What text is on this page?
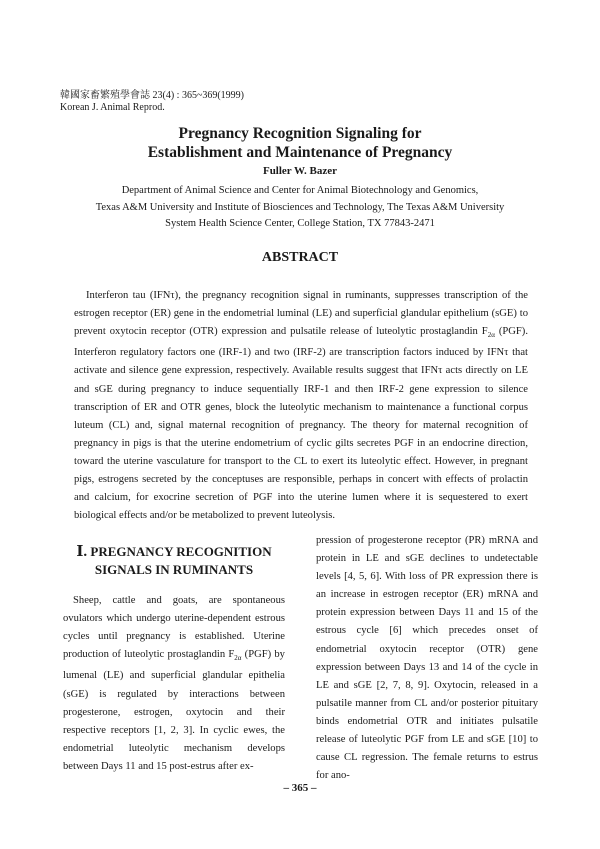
韓國家畜繁殖學會誌 23(4) : 365~369(1999)
Korean J. Animal Reprod.
Pregnancy Recognition Signaling for
Establishment and Maintenance of Pregnancy
Fuller W. Bazer
Department of Animal Science and Center for Animal Biotechnology and Genomics,
Texas A&M University and Institute of Biosciences and Technology, The Texas A&M University
System Health Science Center, College Station, TX 77843-2471
ABSTRACT

Interferon tau (IFNτ), the pregnancy recognition signal in ruminants, suppresses transcription of the estrogen receptor (ER) gene in the endometrial luminal (LE) and superficial glandular epithelium (sGE) to prevent oxytocin receptor (OTR) expression and pulsatile release of luteolytic prostaglandin $F_{2\alpha}$ (PGF). Interferon regulatory factors one (IRF-1) and two (IRF-2) are transcription factors induced by IFNτ that activate and silence gene expression, respectively. Available results suggest that IFNτ acts directly on LE and sGE during pregnancy to induce sequentially IRF-1 and then IRF-2 gene expression to silence transcription of ER and OTR genes, block the luteolytic mechanism to maintenance a functional corpus luteum (CL) and, signal maternal recognition of pregnancy. The theory for maternal recognition of pregnancy in pigs is that the uterine endometrium of cyclic gilts secretes PGF in an endocrine direction, toward the uterine vasculature for transport to the CL to exert its luteolytic effect. However, in pregnant pigs, estrogens secreted by the conceptuses are responsible, perhaps in concert with effects of prolactin and calcium, for exocrine secretion of PGF into the uterine lumen where it is sequestered to exert biological effects and/or be metabolized to prevent luteolysis.

Ⅰ. PREGNANCY RECOGNITION
SIGNALS IN RUMINANTS

Sheep, cattle and goats, are spontaneous ovulators which undergo uterine-dependent estrous cycles until pregnancy is established. Uterine production of luteolytic prostaglandin $F_{2\alpha}$ (PGF) by lumenal (LE) and superficial glandular epithelia (sGE) is regulated by interactions between progesterone, estrogen, oxytocin and their respective receptors [1, 2, 3]. In cyclic ewes, the endometrial luteolytic mechanism develops between Days 11 and 15 post-estrus after ex-

pression of progesterone receptor (PR) mRNA and protein in LE and sGE declines to undetectable levels [4, 5, 6]. With loss of PR expression there is an increase in estrogen receptor (ER) mRNA and protein expression between Days 11 and 15 of the estrous cycle [6] which precedes onset of endometrial oxytocin receptor (OTR) gene expression between Days 13 and 14 of the cycle in LE and sGE [2, 7, 8, 9]. Oxytocin, released in a pulsatile manner from CL and/or posterior pituitary binds endometrial OTR and initiates pulsatile release of luteolytic PGF from LE and sGE [10] to cause CL regression. The female returns to estrus for ano-

– 365 –
